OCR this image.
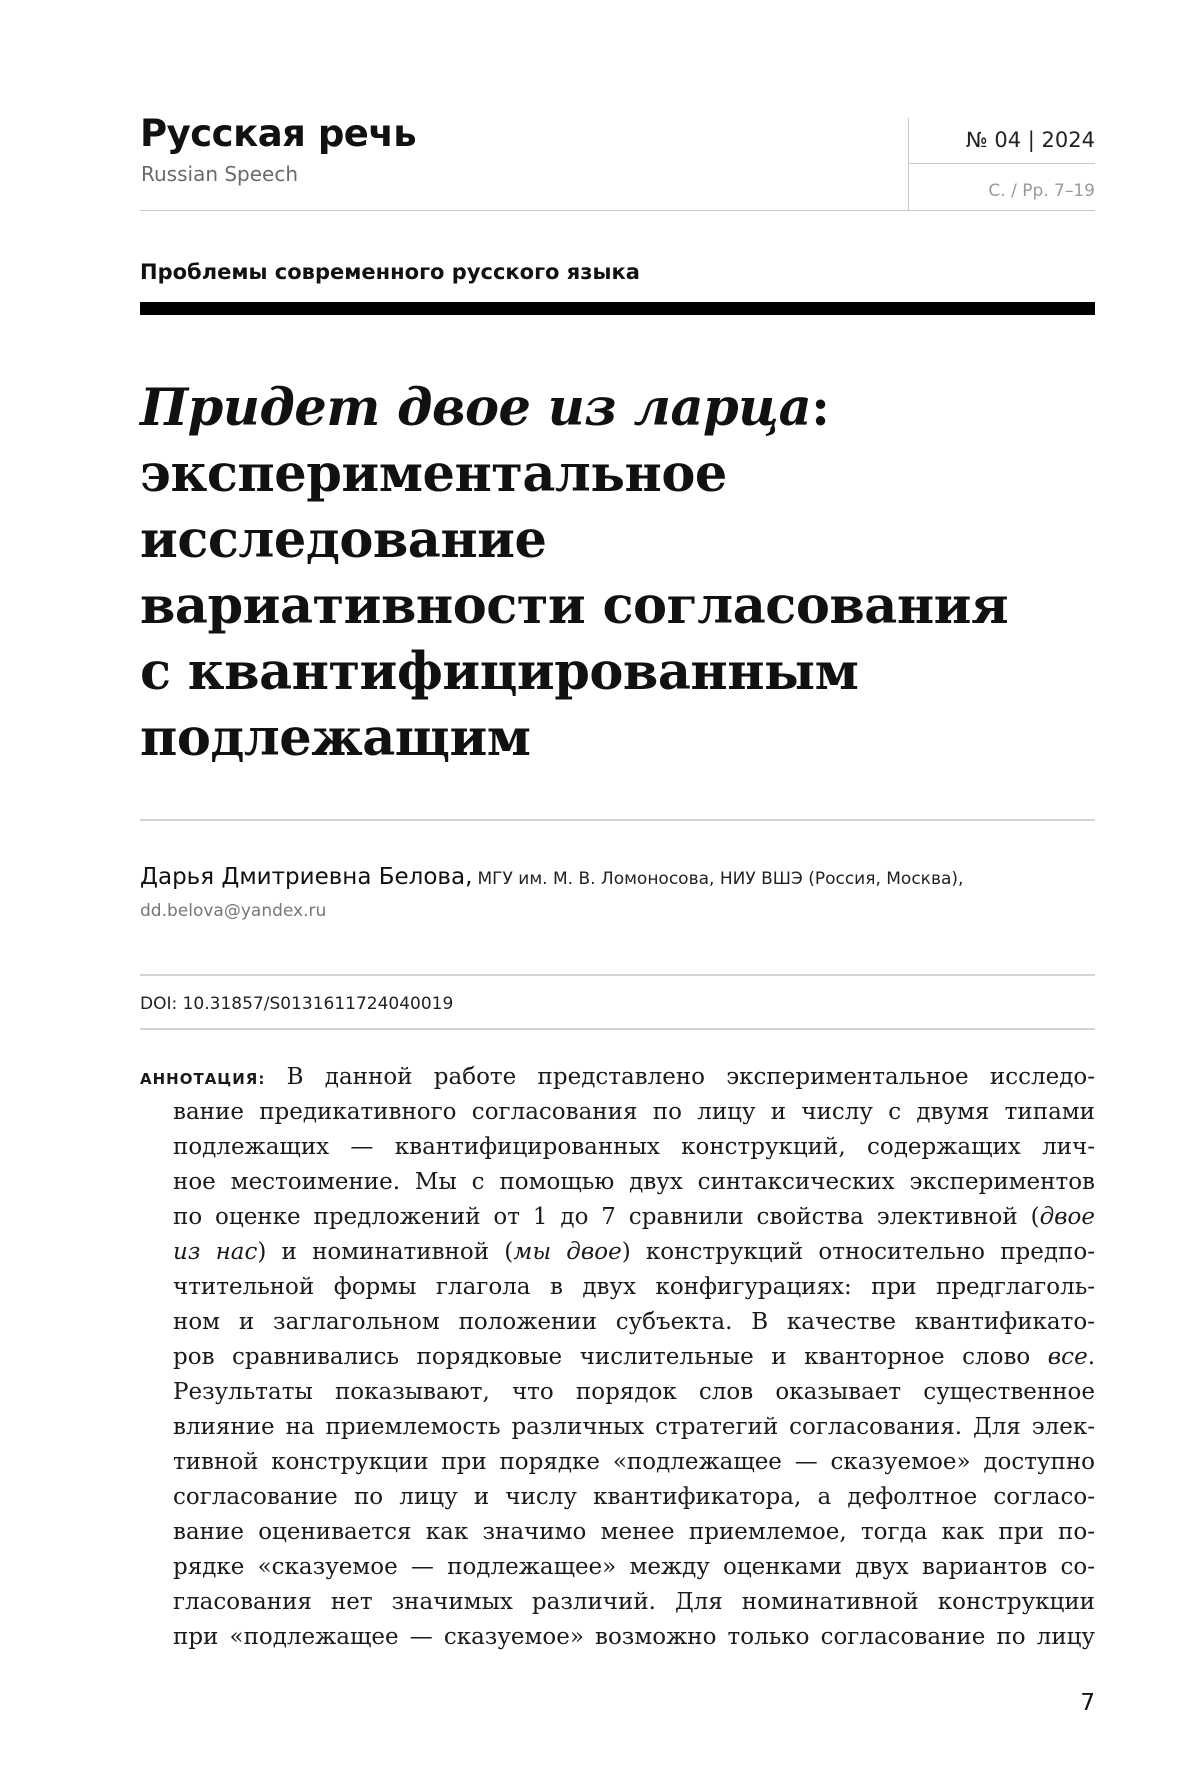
Русская речь
Russian Speech
№ 04 | 2024
С. / Pp. 7–19
Проблемы современного русского языка
Придет двое из ларца:
экспериментальное
исследование
вариативности согласования
с квантифицированным
подлежащим
Дарья Дмитриевна Белова, МГУ им. М. В. Ломоносова, НИУ ВШЭ (Россия, Москва),
dd.belova@yandex.ru
DOI: 10.31857/S0131611724040019
АННОТАЦИЯ: В данной работе представлено экспериментальное исследо-
вание предикативного согласования по лицу и числу с двумя типами
подлежащих — квантифицированных конструкций, содержащих лич-
ное местоимение. Мы с помощью двух синтаксических экспериментов
по оценке предложений от 1 до 7 сравнили свойства элективной (двое
из нас) и номинативной (мы двое) конструкций относительно предпо-
чтительной формы глагола в двух конфигурациях: при предглаголь-
ном и заглагольном положении субъекта. В качестве квантификато-
ров сравнивались порядковые числительные и кванторное слово все.
Результаты показывают, что порядок слов оказывает существенное
влияние на приемлемость различных стратегий согласования. Для элек-
тивной конструкции при порядке «подлежащее — сказуемое» доступно
согласование по лицу и числу квантификатора, а дефолтное согласо-
вание оценивается как значимо менее приемлемое, тогда как при по-
рядке «сказуемое — подлежащее» между оценками двух вариантов со-
гласования нет значимых различий. Для номинативной конструкции
при «подлежащее — сказуемое» возможно только согласование по лицу
7
